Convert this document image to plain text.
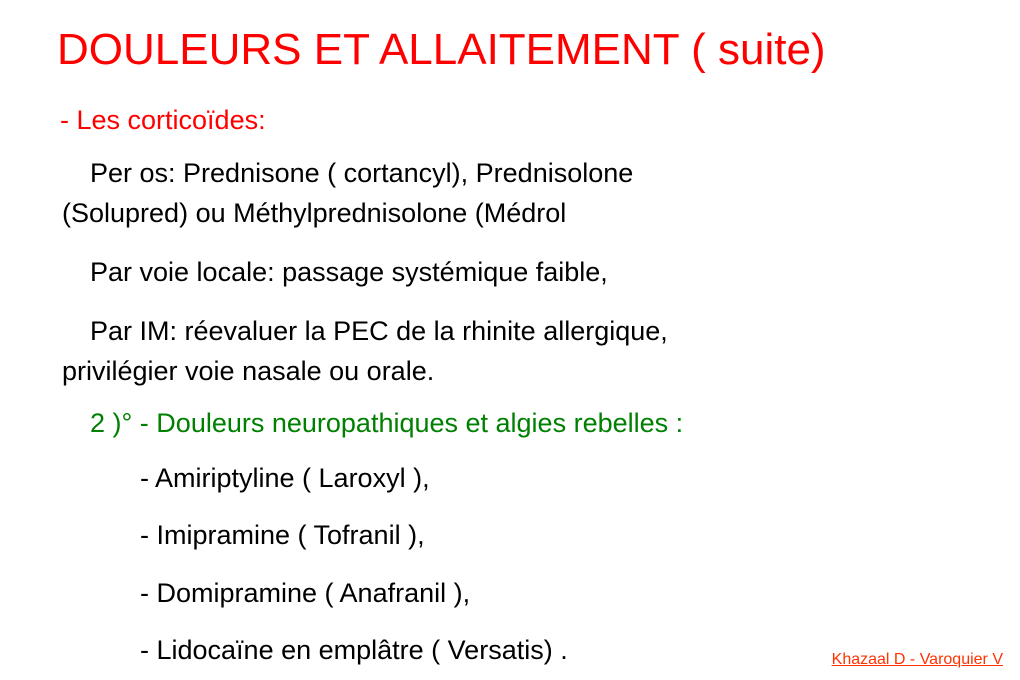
DOULEURS ET ALLAITEMENT ( suite)
- Les corticoïdes:
Per os: Prednisone ( cortancyl), Prednisolone
(Solupred) ou Méthylprednisolone (Médrol
Par voie locale: passage systémique faible,
Par IM: réevaluer la PEC de la rhinite allergique,
privilégier voie nasale ou orale.
2 )° - Douleurs neuropathiques et algies rebelles :
- Amiriptyline ( Laroxyl ),
- Imipramine ( Tofranil ),
- Domipramine ( Anafranil ),
- Lidocaïne en emplâtre ( Versatis) .	Khazaal D - Varoquier V
